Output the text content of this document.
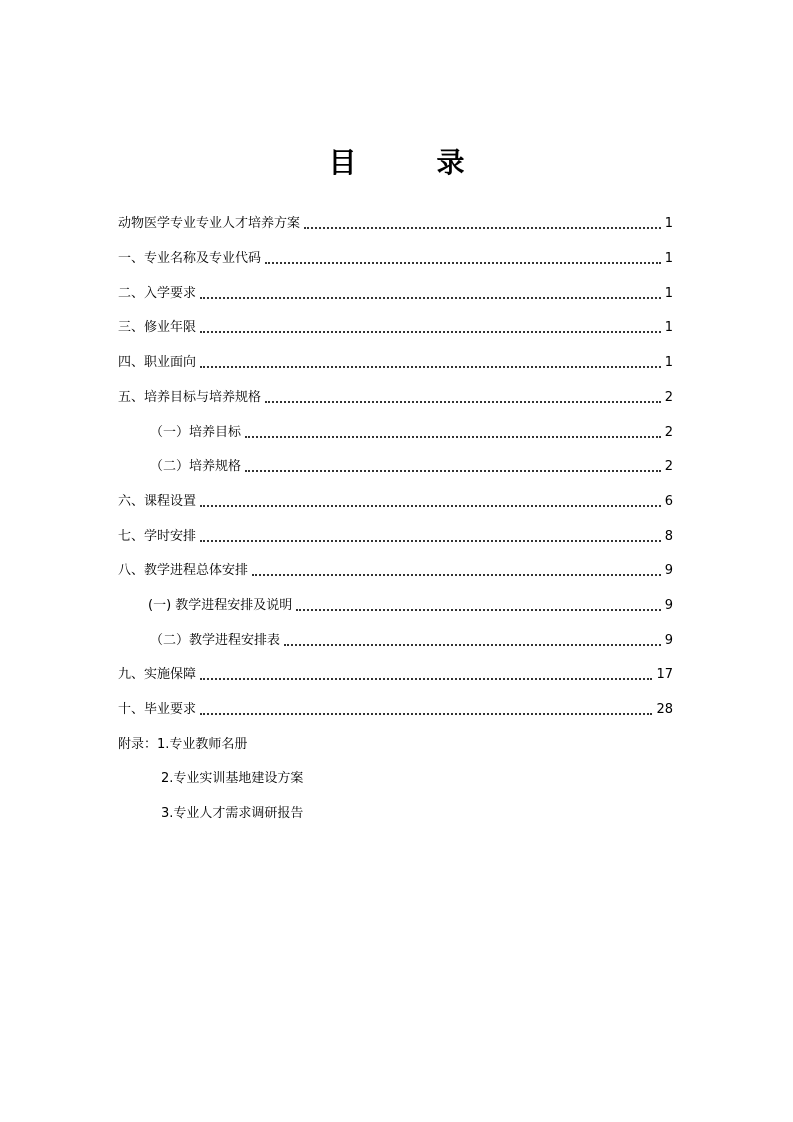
目　录
动物医学专业专业人才培养方案	1
一、专业名称及专业代码	1
二、入学要求	1
三、修业年限	1
四、职业面向	1
五、培养目标与培养规格	2
（一）培养目标	2
（二）培养规格	2
六、课程设置	6
七、学时安排	8
八、教学进程总体安排	9
(一) 教学进程安排及说明	9
（二）教学进程安排表	9
九、实施保障	17
十、毕业要求	28
附录：1.专业教师名册
2.专业实训基地建设方案
3.专业人才需求调研报告
